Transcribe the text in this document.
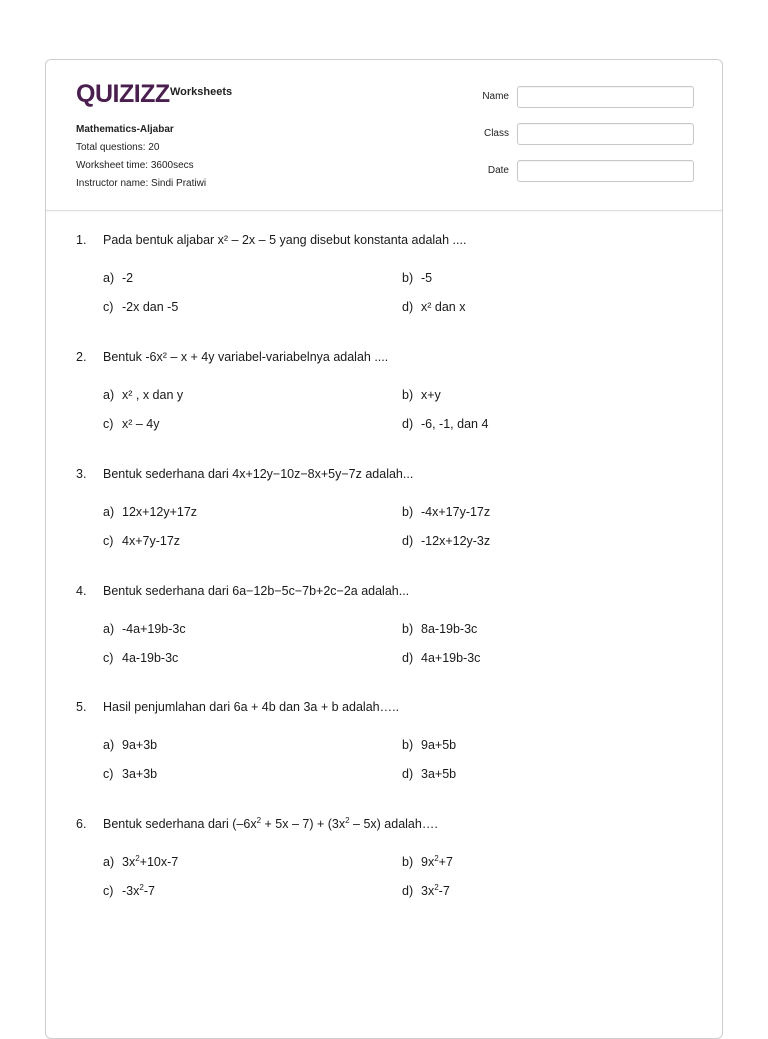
QUIZIZZ Worksheets
Mathematics-Aljabar
Total questions: 20
Worksheet time: 3600secs
Instructor name: Sindi Pratiwi
Name
Class
Date
1. Pada bentuk aljabar x² – 2x – 5 yang disebut konstanta adalah ....
a) -2	b) -5
c) -2x dan -5	d) x² dan x
2. Bentuk -6x² – x + 4y variabel-variabelnya adalah ....
a) x² , x dan y	b) x+y
c) x² – 4y	d) -6, -1, dan 4
3. Bentuk sederhana dari 4x+12y−10z−8x+5y−7z adalah...
a) 12x+12y+17z	b) -4x+17y-17z
c) 4x+7y-17z	d) -12x+12y-3z
4. Bentuk sederhana dari 6a−12b−5c−7b+2c−2a adalah...
a) -4a+19b-3c	b) 8a-19b-3c
c) 4a-19b-3c	d) 4a+19b-3c
5. Hasil penjumlahan dari 6a + 4b dan 3a + b adalah…..
a) 9a+3b	b) 9a+5b
c) 3a+3b	d) 3a+5b
6. Bentuk sederhana dari $(-6x^2 + 5x - 7) + (3x^2 - 5x)$ adalah….
a) $3x^2+10x-7$	b) $9x^2+7$
c) $-3x^2-7$	d) $3x^2-7$
